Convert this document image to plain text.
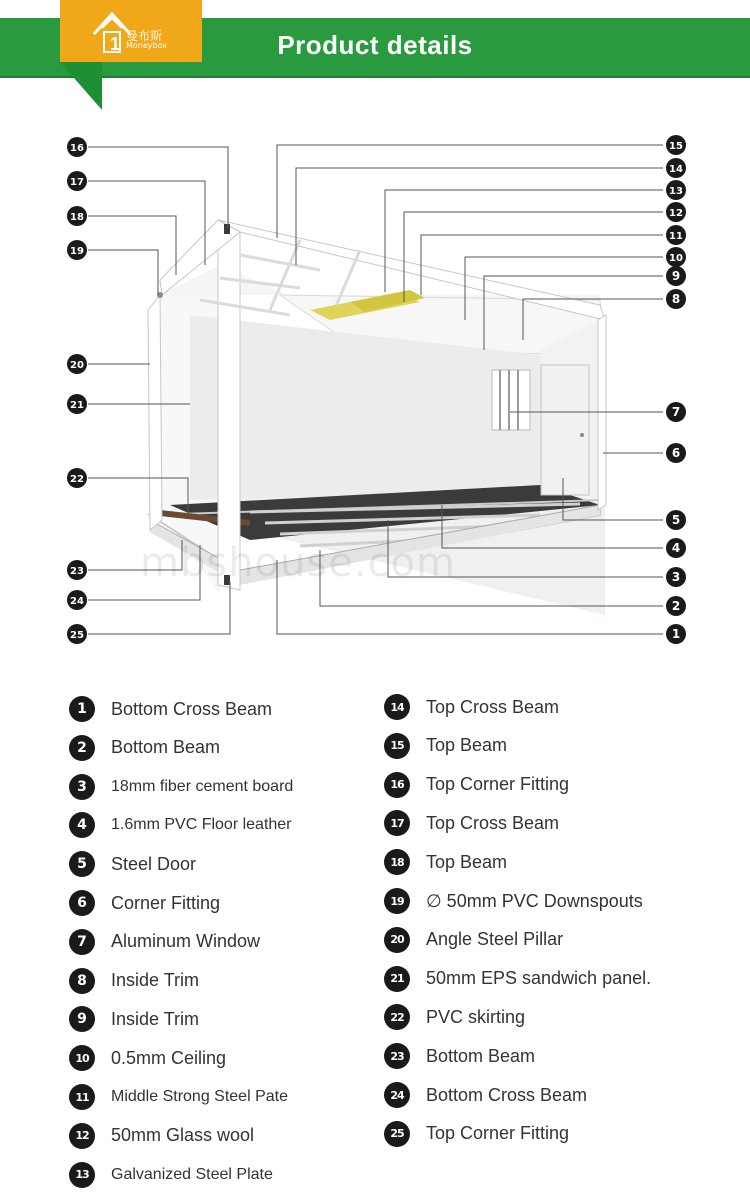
1 曼布斯
Moneybox	Product details
16
17
18
19
20
21
22
23
24
25
15
14
13
12
11
10
9
8
7
6
5
4
3
2
1
mbshouse.com
1	Bottom Cross Beam
2	Bottom Beam
3	18mm fiber cement board
4	1.6mm PVC Floor leather
5	Steel Door
6	Corner Fitting
7	Aluminum Window
8	Inside Trim
9	Inside Trim
10	0.5mm Ceiling
11	Middle Strong Steel Pate
12	50mm Glass wool
13	Galvanized Steel Plate
14	Top Cross Beam
15	Top Beam
16	Top Corner Fitting
17	Top Cross Beam
18	Top Beam
19	∅ 50mm PVC Downspouts
20	Angle Steel Pillar
21	50mm EPS sandwich panel.
22	PVC skirting
23	Bottom Beam
24	Bottom Cross Beam
25	Top Corner Fitting
